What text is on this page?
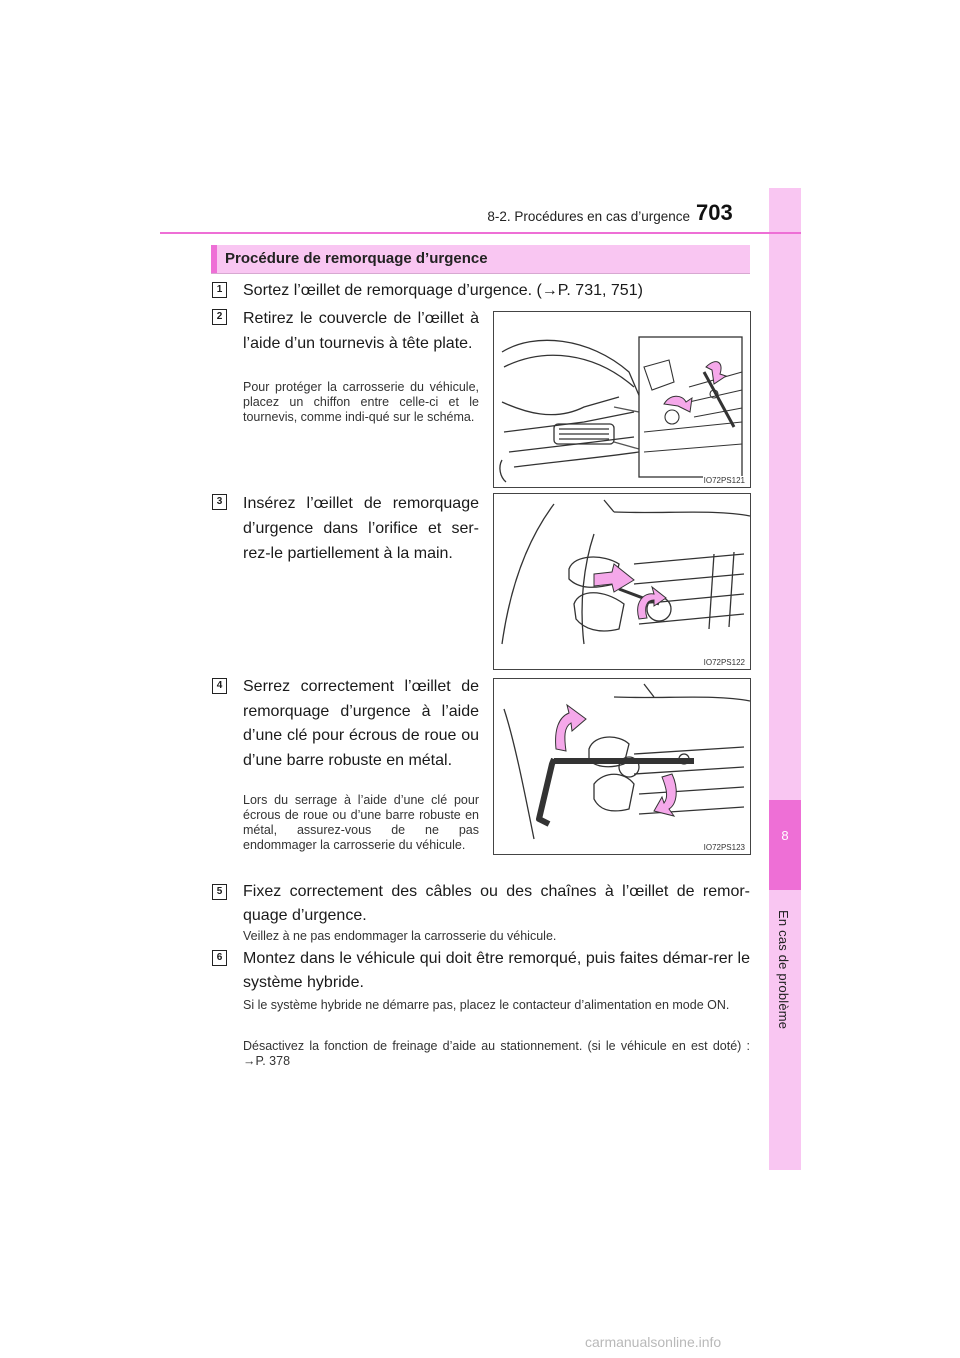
8
En cas de problème
8-2. Procédures en cas d’urgence 703
Procédure de remorquage d’urgence
1 Sortez l’œillet de remorquage d’urgence. (→P. 731, 751)
2 Retirez le couvercle de l’œillet à l’aide d’un tournevis à tête plate.
Pour protéger la carrosserie du véhicule, placez un chiffon entre celle-ci et le tournevis, comme indi-qué sur le schéma.
IO72PS121
3 Insérez l’œillet de remorquage d’urgence dans l’orifice et ser-rez-le partiellement à la main.
IO72PS122
4 Serrez correctement l’œillet de remorquage d’urgence à l’aide d’une clé pour écrous de roue ou d’une barre robuste en métal.
Lors du serrage à l’aide d’une clé pour écrous de roue ou d’une barre robuste en métal, assurez-vous de ne pas endommager la carrosserie du véhicule.	IO72PS123
5 Fixez correctement des câbles ou des chaînes à l’œillet de remor-quage d’urgence.
Veillez à ne pas endommager la carrosserie du véhicule.
6 Montez dans le véhicule qui doit être remorqué, puis faites démar-rer le système hybride.
Si le système hybride ne démarre pas, placez le contacteur d’alimentation en mode ON.
Désactivez la fonction de freinage d’aide au stationnement. (si le véhicule en est doté) : →P. 378
carmanualsonline.info
